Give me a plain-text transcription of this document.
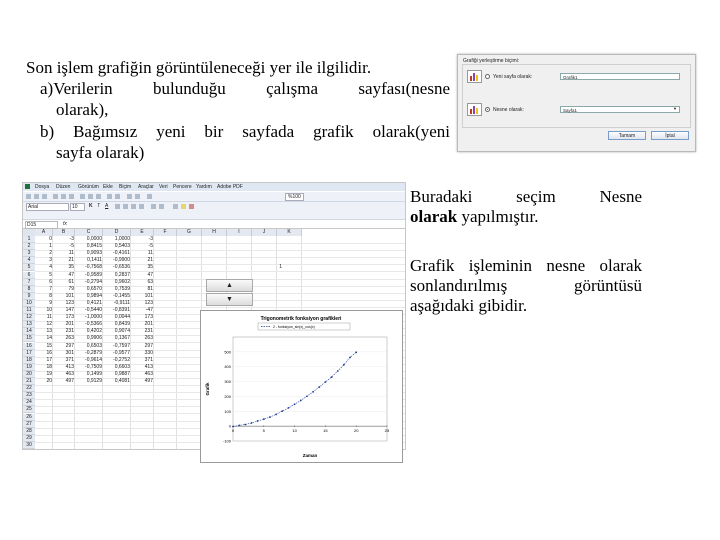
Son işlem grafiğin görüntüleneceği yer ile ilgilidir.
a)Verilerin bulunduğu çalışma sayfası(nesne
olarak),
b) Bağımsız yeni bir sayfada grafik olarak(yeni
sayfa olarak)
Grafiği yerleştirme biçimi:
Yeni sayfa olarak:	Grafik1
Nesne olarak:	Sayfa1	▼
Tamam	İptal
Dosya Düzen Görünüm Ekle Biçim Araçlar Veri Pencere Yardım Adobe PDF
%100
Arial	10	K T A
D15	fx
A	B	C	D	E	F	G	H	I	J	K
1	0	-3	0,0000	1,0000	-3
2	1	-5	0,8415	0,5403	-5
3	2	11	0,9093	-0,4161	11
4	3	21	0,1411	-0,9900	21
5	4	35	-0,7568	-0,6536	35
6	5	47	-0,9589	0,2837	47
7	6	61	-0,2794	0,9602	63
8	7	79	0,6570	0,7539	81
9	8	101	0,9894	-0,1455	101
10	9	123	0,4121	-0,9111	123
11	10	147	-0,5440	-0,8391	-47
12	11	173	-1,0000	0,0044	173
13	12	201	-0,5366	0,8439	201
14	13	231	0,4202	0,9074	231
15	14	263	0,9906	0,1367	263
16	15	297	0,6503	-0,7597	297
17	16	301	-0,2879	-0,9577	330
18	17	371	-0,9614	-0,2752	371
19	18	413	-0,7509	0,6603	413
20	19	463	0,1499	0,9887	463
21	20	497	0,9129	0,4081	497
22
23
24
25
26
27
28
29
30
1
▲
▼
Trigonometrik fonksiyon grafikleri
2 - fonksiyon_sin(x)_cos(x)
-100
0
100
200
300
400
500
0	5	10	15	20	25
Zaman
Grafik
Buradaki seçim Nesne
olarak yapılmıştır.
Grafik işleminin nesne olarak
sonlandırılmış görüntüsü
aşağıdaki gibidir.
